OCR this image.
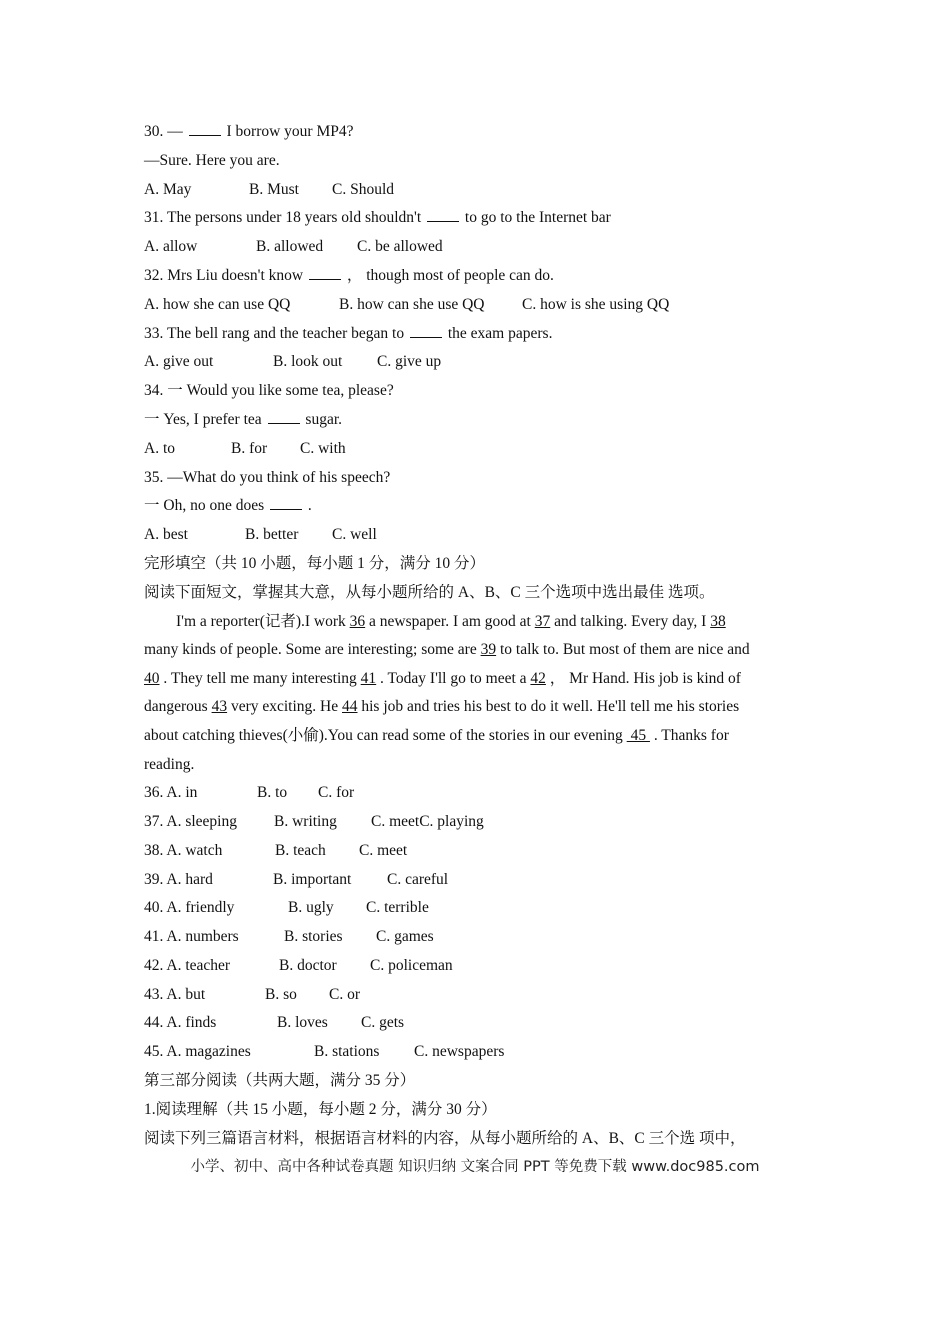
30. —	I borrow your MP4?
—Sure. Here you are.
A. May	B. Must C. Should
31. The persons under 18 years old shouldn't	to go to the Internet bar
A. allow	B. allowed C. be allowed
32. Mrs Liu doesn't know	， though most of people can do.
A. how she can use QQ	B. how can she use QQ C. how is she using QQ
33. The bell rang and the teacher began to	the exam papers.
A. give out	B. look out C. give up
34. 一 Would you like some tea, please?
一 Yes, I prefer tea	sugar.
A. to	B. for C. with
35. —What do you think of his speech?
一 Oh, no one does	.
A. best	B. better C. well
完形填空（共 10 小题，每小题 1 分，满分 10 分）
阅读下面短文，掌握其大意，从每小题所给的 A、B、C 三个选项中选出最佳 选项。
I'm a reporter(记者).I work 36 a newspaper. I am good at 37 and talking. Every day, I 38
many kinds of people. Some are interesting; some are 39 to talk to. But most of them are nice and
40 . They tell me many interesting 41 . Today I'll go to meet a 42 ， Mr Hand. His job is kind of
dangerous 43 very exciting. He 44 his job and tries his best to do it well. He'll tell me his stories
about catching thieves(小偷).You can read some of the stories in our evening  45  . Thanks for
reading.
36. A. in	B. to C. for
37. A. sleeping B. writing C. meetC. playing
38. A. watch	B. teach C. meet
39. A. hard	B. important C. careful
40. A. friendly	B. ugly C. terrible
41. A. numbers	B. stories C. games
42. A. teacher	B. doctor C. policeman
43. A. but	B. so C. or
44. A. finds	B. loves C. gets
45. A. magazines	B. stations C. newspapers
第三部分阅读（共两大题，满分 35 分）
1.阅读理解（共 15 小题，每小题 2 分，满分 30 分）
阅读下列三篇语言材料，根据语言材料的内容，从每小题所给的 A、B、C 三个选 项中，
小学、初中、高中各种试卷真题 知识归纳 文案合同 PPT 等免费下载 www.doc985.com
